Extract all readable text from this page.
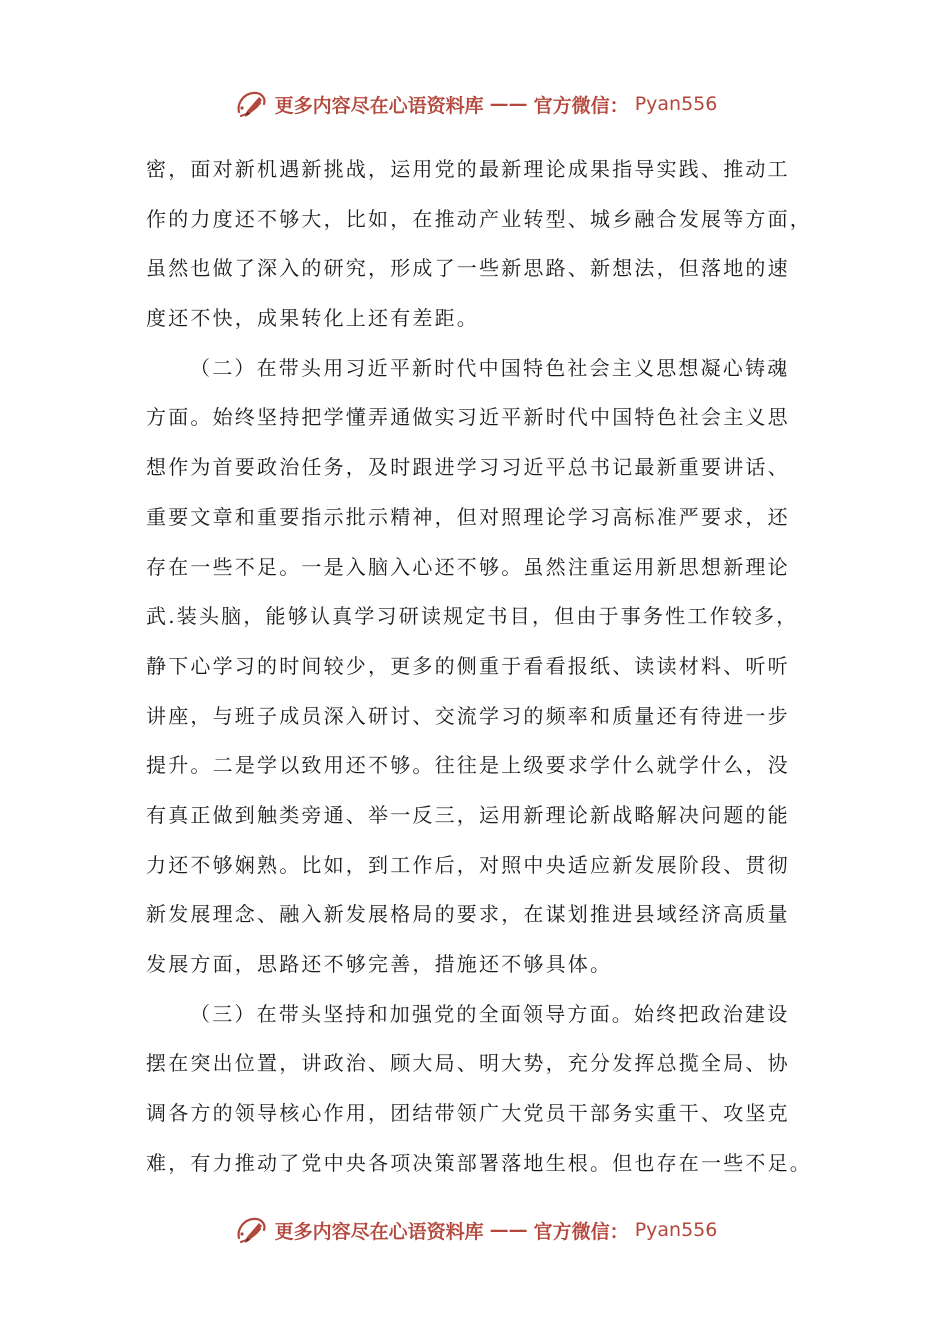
更多内容尽在心语资料库 —— 官方微信： Pyan556
密，面对新机遇新挑战，运用党的最新理论成果指导实践、推动工
作的力度还不够大，比如，在推动产业转型、城乡融合发展等方面，
虽然也做了深入的研究，形成了一些新思路、新想法，但落地的速
度还不快，成果转化上还有差距。
（二）在带头用习近平新时代中国特色社会主义思想凝心铸魂
方面。始终坚持把学懂弄通做实习近平新时代中国特色社会主义思
想作为首要政治任务，及时跟进学习习近平总书记最新重要讲话、
重要文章和重要指示批示精神，但对照理论学习高标准严要求，还
存在一些不足。一是入脑入心还不够。虽然注重运用新思想新理论
武.装头脑，能够认真学习研读规定书目，但由于事务性工作较多，
静下心学习的时间较少，更多的侧重于看看报纸、读读材料、听听
讲座，与班子成员深入研讨、交流学习的频率和质量还有待进一步
提升。二是学以致用还不够。往往是上级要求学什么就学什么，没
有真正做到触类旁通、举一反三，运用新理论新战略解决问题的能
力还不够娴熟。比如，到工作后，对照中央适应新发展阶段、贯彻
新发展理念、融入新发展格局的要求，在谋划推进县域经济高质量
发展方面，思路还不够完善，措施还不够具体。
（三）在带头坚持和加强党的全面领导方面。始终把政治建设
摆在突出位置，讲政治、顾大局、明大势，充分发挥总揽全局、协
调各方的领导核心作用，团结带领广大党员干部务实重干、攻坚克
难，有力推动了党中央各项决策部署落地生根。但也存在一些不足。
更多内容尽在心语资料库 —— 官方微信： Pyan556
